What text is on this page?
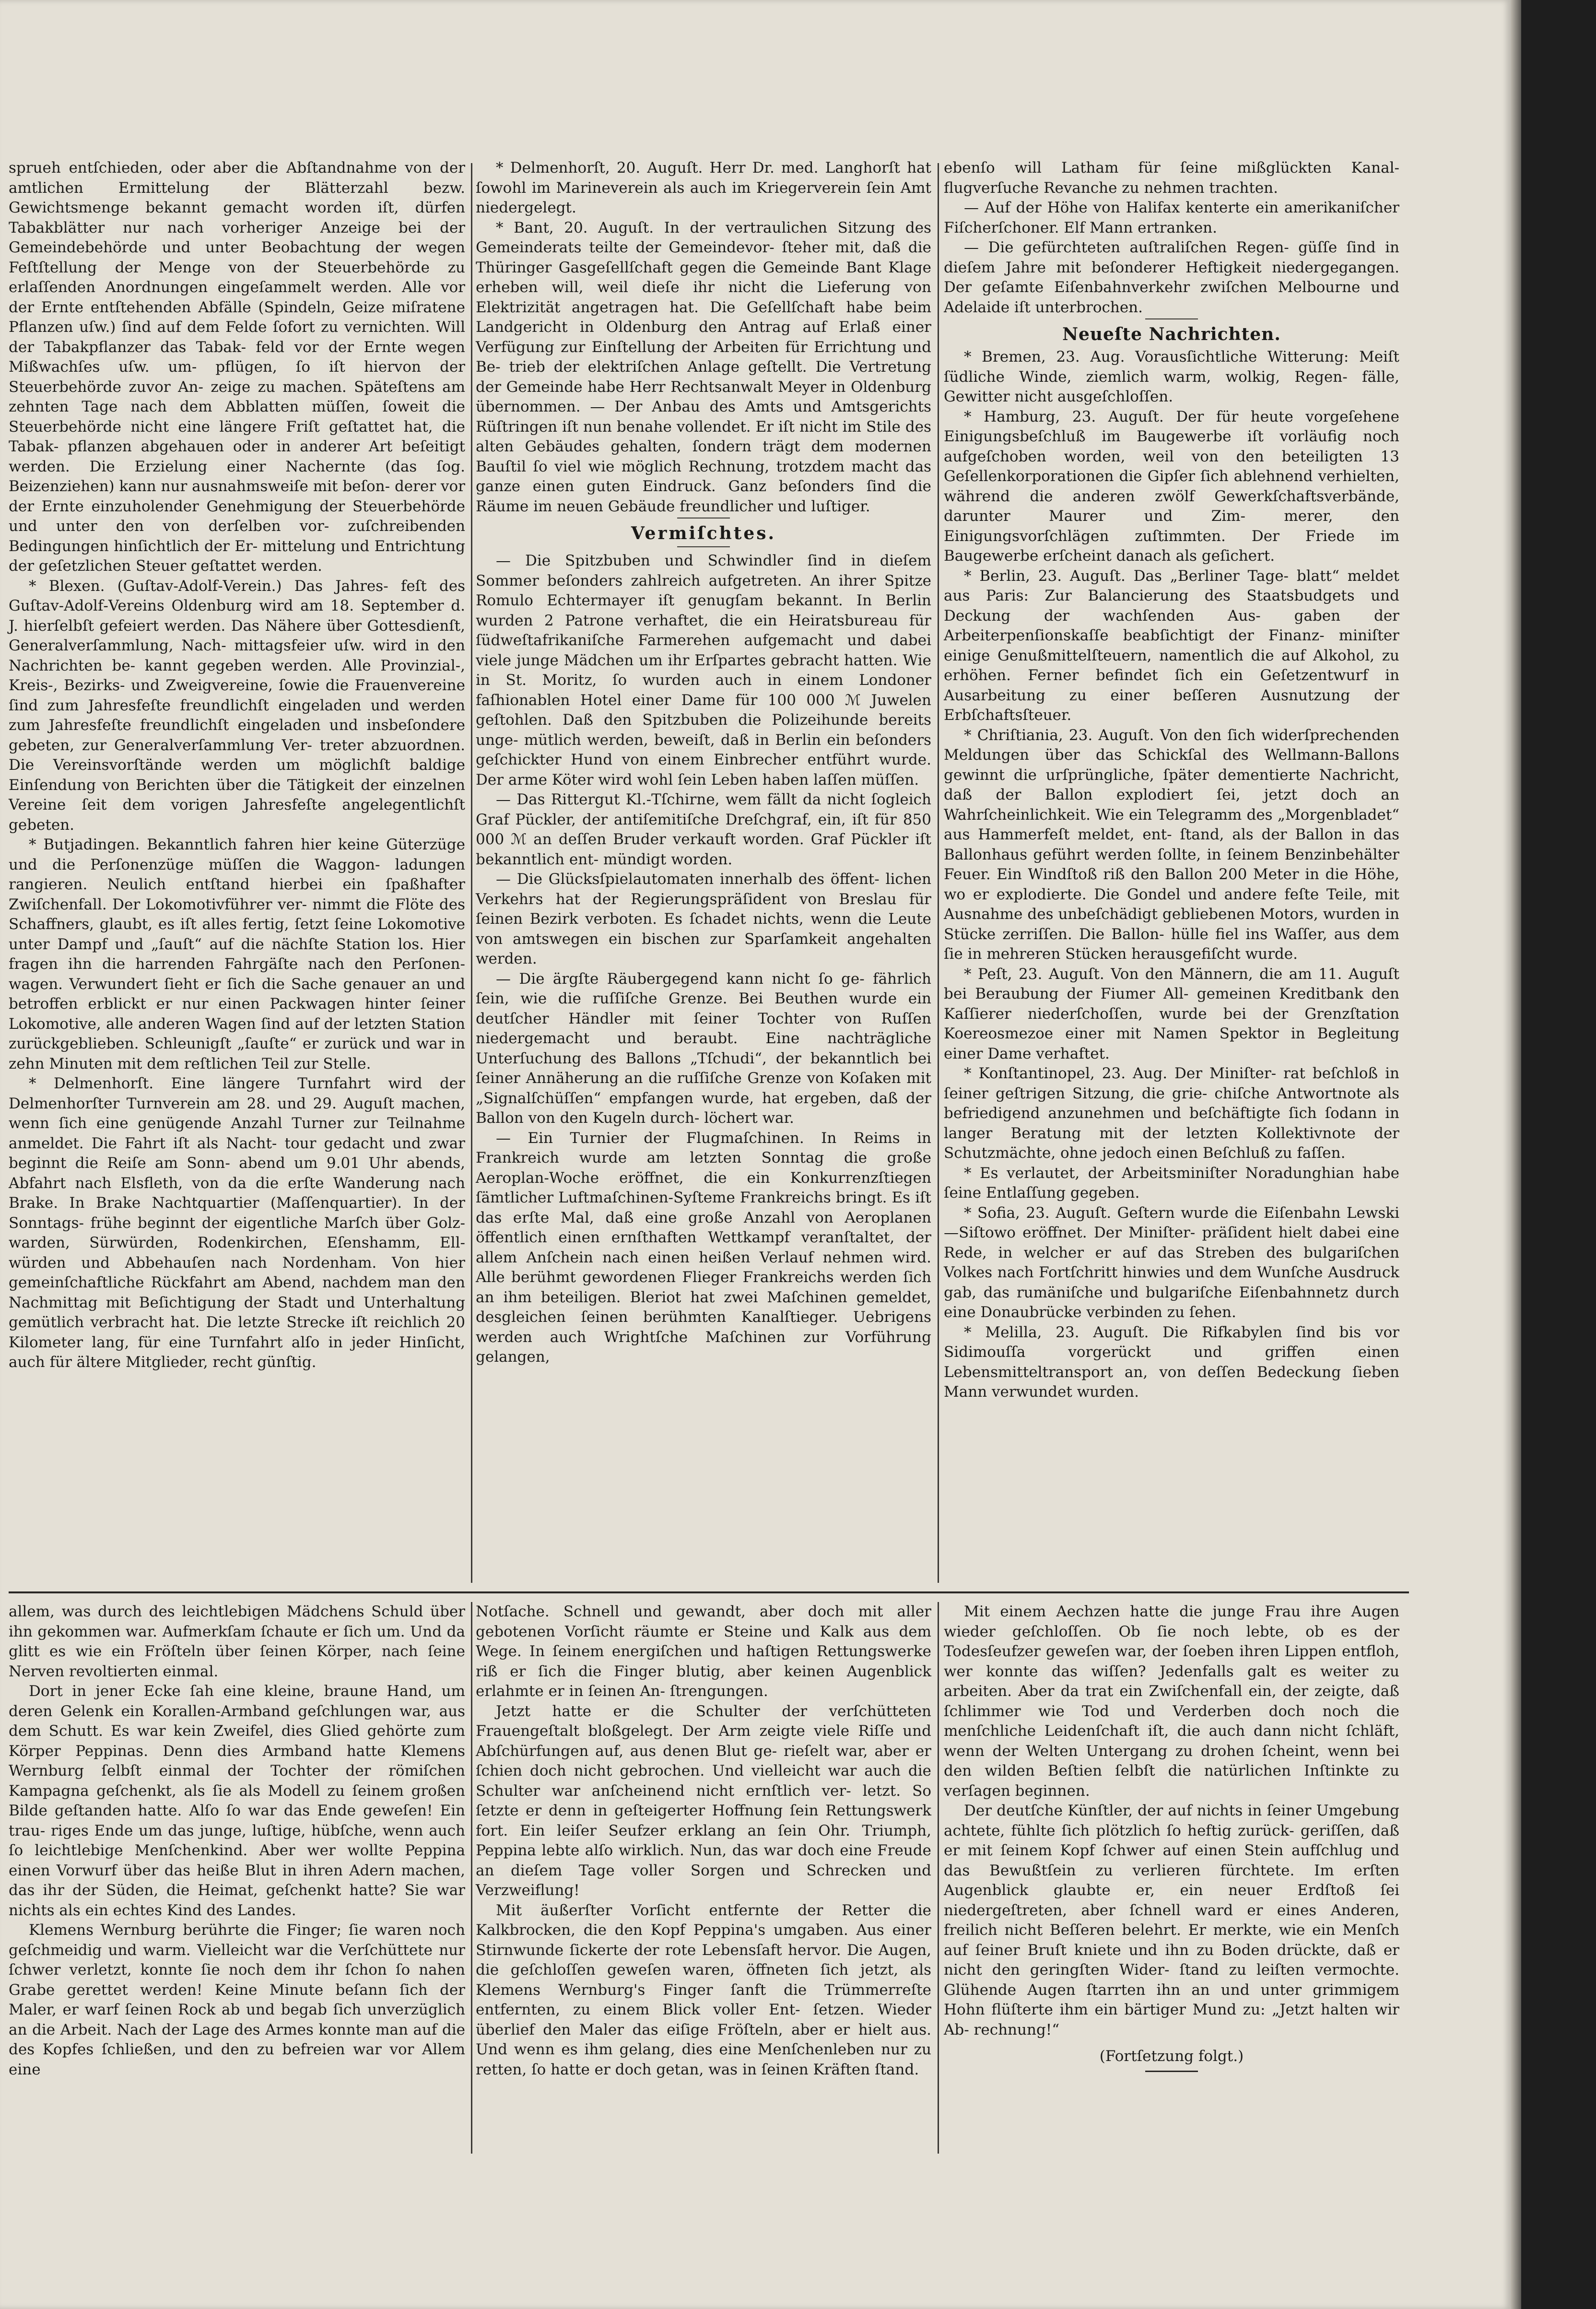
sprueh entſchieden, oder aber die Abſtandnahme von der amtlichen Ermittelung der Blätterzahl bezw. Gewichtsmenge bekannt gemacht worden iſt, dürfen Tabakblätter nur nach vorheriger Anzeige bei der Gemeindebehörde und unter Beobachtung der wegen Feſtſtellung der Menge von der Steuerbehörde zu erlaſſenden Anordnungen eingeſammelt werden. Alle vor der Ernte entſtehenden Abfälle (Spindeln, Geize miſratene Pflanzen uſw.) ſind auf dem Felde ſofort zu vernichten. Will der Tabakpflanzer das Tabak‑ feld vor der Ernte wegen Mißwachſes uſw. um‑ pflügen, ſo iſt hiervon der Steuerbehörde zuvor An‑ zeige zu machen. Späteſtens am zehnten Tage nach dem Abblatten müſſen, ſoweit die Steuerbehörde nicht eine längere Friſt geſtattet hat, die Tabak‑ pflanzen abgehauen oder in anderer Art beſeitigt werden. Die Erzielung einer Nachernte (das ſog. Beizenziehen) kann nur ausnahmsweiſe mit beſon‑ derer vor der Ernte einzuholender Genehmigung der Steuerbehörde und unter den von derſelben vor‑ zuſchreibenden Bedingungen hinſichtlich der Er‑ mittelung und Entrichtung der geſetzlichen Steuer geſtattet werden.

* Blexen. (Guſtav‑Adolf‑Verein.) Das Jahres‑ feſt des Guſtav‑Adolf‑Vereins Oldenburg wird am 18. September d. J. hierſelbſt gefeiert werden. Das Nähere über Gottesdienſt, Generalverſammlung, Nach‑ mittagsfeier uſw. wird in den Nachrichten be‑ kannt gegeben werden. Alle Provinzial‑, Kreis‑, Bezirks‑ und Zweigvereine, ſowie die Frauenvereine ſind zum Jahresfeſte freundlichſt eingeladen und werden zum Jahresfeſte freundlichſt eingeladen und insbeſondere gebeten, zur Generalverſammlung Ver‑ treter abzuordnen. Die Vereinsvorſtände werden um möglichſt baldige Einſendung von Berichten über die Tätigkeit der einzelnen Vereine ſeit dem vorigen Jahresfeſte angelegentlichſt gebeten.

* Butjadingen. Bekanntlich fahren hier keine Güterzüge und die Perſonenzüge müſſen die Waggon‑ ladungen rangieren. Neulich entſtand hierbei ein ſpaßhafter Zwiſchenfall. Der Lokomotivführer ver‑ nimmt die Flöte des Schaffners, glaubt, es iſt alles fertig, ſetzt ſeine Lokomotive unter Dampf und „ſauſt“ auf die nächſte Station los. Hier fragen ihn die harrenden Fahrgäſte nach den Perſonen‑ wagen. Verwundert ſieht er ſich die Sache genauer an und betroffen erblickt er nur einen Packwagen hinter ſeiner Lokomotive, alle anderen Wagen ſind auf der letzten Station zurückgeblieben. Schleunigſt „ſauſte“ er zurück und war in zehn Minuten mit dem reſtlichen Teil zur Stelle.

* Delmenhorſt. Eine längere Turnfahrt wird der Delmenhorſter Turnverein am 28. und 29. Auguſt machen, wenn ſich eine genügende Anzahl Turner zur Teilnahme anmeldet. Die Fahrt iſt als Nacht‑ tour gedacht und zwar beginnt die Reiſe am Sonn‑ abend um 9.01 Uhr abends, Abfahrt nach Elsfleth, von da die erſte Wanderung nach Brake. In Brake Nachtquartier (Maſſenquartier). In der Sonntags‑ frühe beginnt der eigentliche Marſch über Golz‑ warden, Sürwürden, Rodenkirchen, Eſenshamm, Ell‑ würden und Abbehauſen nach Nordenham. Von hier gemeinſchaftliche Rückfahrt am Abend, nachdem man den Nachmittag mit Beſichtigung der Stadt und Unterhaltung gemütlich verbracht hat. Die letzte Strecke iſt reichlich 20 Kilometer lang, für eine Turnfahrt alſo in jeder Hinſicht, auch für ältere Mitglieder, recht günſtig.

* Delmenhorſt, 20. Auguſt. Herr Dr. med. Langhorſt hat ſowohl im Marineverein als auch im Kriegerverein ſein Amt niedergelegt.

* Bant, 20. Auguſt. In der vertraulichen Sitzung des Gemeinderats teilte der Gemeindevor‑ ſteher mit, daß die Thüringer Gasgeſellſchaft gegen die Gemeinde Bant Klage erheben will, weil dieſe ihr nicht die Lieferung von Elektrizität angetragen hat. Die Geſellſchaft habe beim Landgericht in Oldenburg den Antrag auf Erlaß einer Verfügung zur Einſtellung der Arbeiten für Errichtung und Be‑ trieb der elektriſchen Anlage geſtellt. Die Vertretung der Gemeinde habe Herr Rechtsanwalt Meyer in Oldenburg übernommen. — Der Anbau des Amts und Amtsgerichts Rüſtringen iſt nun benahe vollendet. Er iſt nicht im Stile des alten Gebäudes gehalten, ſondern trägt dem modernen Bauſtil ſo viel wie möglich Rechnung, trotzdem macht das ganze einen guten Eindruck. Ganz beſonders ſind die Räume im neuen Gebäude freundlicher und luſtiger.

Vermiſchtes.

— Die Spitzbuben und Schwindler ſind in dieſem Sommer beſonders zahlreich aufgetreten. An ihrer Spitze Romulo Echtermayer iſt genugſam bekannt. In Berlin wurden 2 Patrone verhaftet, die ein Heiratsbureau für ſüdweſtafrikaniſche Farmerehen aufgemacht und dabei viele junge Mädchen um ihr Erſpartes gebracht hatten. Wie in St. Moritz, ſo wurden auch in einem Londoner faſhionablen Hotel einer Dame für 100 000 ℳ Juwelen geſtohlen. Daß den Spitzbuben die Polizeihunde bereits unge‑ mütlich werden, beweiſt, daß in Berlin ein beſonders geſchickter Hund von einem Einbrecher entführt wurde. Der arme Köter wird wohl ſein Leben haben laſſen müſſen.

— Das Rittergut Kl.‑Tſchirne, wem fällt da nicht ſogleich Graf Pückler, der antiſemitiſche Dreſchgraf, ein, iſt für 850 000 ℳ an deſſen Bruder verkauft worden. Graf Pückler iſt bekanntlich ent‑ mündigt worden.

— Die Glücksſpielautomaten innerhalb des öffent‑ lichen Verkehrs hat der Regierungspräſident von Breslau für ſeinen Bezirk verboten. Es ſchadet nichts, wenn die Leute von amtswegen ein bischen zur Sparſamkeit angehalten werden.

— Die ärgſte Räubergegend kann nicht ſo ge‑ fährlich ſein, wie die ruſſiſche Grenze. Bei Beuthen wurde ein deutſcher Händler mit ſeiner Tochter von Ruſſen niedergemacht und beraubt. Eine nachträgliche Unterſuchung des Ballons „Tſchudi“, der bekanntlich bei ſeiner Annäherung an die ruſſiſche Grenze von Koſaken mit „Signalſchüſſen“ empfangen wurde, hat ergeben, daß der Ballon von den Kugeln durch‑ löchert war.

— Ein Turnier der Flugmaſchinen. In Reims in Frankreich wurde am letzten Sonntag die große Aeroplan‑Woche eröffnet, die ein Konkurrenzſtiegen ſämtlicher Luftmaſchinen‑Syſteme Frankreichs bringt. Es iſt das erſte Mal, daß eine große Anzahl von Aeroplanen öffentlich einen ernſthaften Wettkampf veranſtaltet, der allem Anſchein nach einen heißen Verlauf nehmen wird. Alle berühmt gewordenen Flieger Frankreichs werden ſich an ihm beteiligen. Bleriot hat zwei Maſchinen gemeldet, desgleichen ſeinen berühmten Kanalſtieger. Uebrigens werden auch Wrightſche Maſchinen zur Vorführung gelangen,

ebenſo will Latham für ſeine mißglückten Kanal‑ flugverſuche Revanche zu nehmen trachten.

— Auf der Höhe von Halifax kenterte ein amerikaniſcher Fiſcherſchoner. Elf Mann ertranken.

— Die gefürchteten auſtraliſchen Regen‑ güſſe ſind in dieſem Jahre mit beſonderer Heftigkeit niedergegangen. Der geſamte Eiſenbahnverkehr zwiſchen Melbourne und Adelaide iſt unterbrochen.

Neueſte Nachrichten.

* Bremen, 23. Aug. Vorausſichtliche Witterung: Meiſt ſüdliche Winde, ziemlich warm, wolkig, Regen‑ fälle, Gewitter nicht ausgeſchloſſen.

* Hamburg, 23. Auguſt. Der für heute vorgeſehene Einigungsbeſchluß im Baugewerbe iſt vorläufig noch aufgeſchoben worden, weil von den beteiligten 13 Geſellenkorporationen die Gipſer ſich ablehnend verhielten, während die anderen zwölf Gewerkſchaftsverbände, darunter Maurer und Zim‑ merer, den Einigungsvorſchlägen zuſtimmten. Der Friede im Baugewerbe erſcheint danach als geſichert.

* Berlin, 23. Auguſt. Das „Berliner Tage‑ blatt“ meldet aus Paris: Zur Balancierung des Staatsbudgets und Deckung der wachſenden Aus‑ gaben der Arbeiterpenſionskaſſe beabſichtigt der Finanz‑ miniſter einige Genußmittelſteuern, namentlich die auf Alkohol, zu erhöhen. Ferner befindet ſich ein Geſetzentwurf in Ausarbeitung zu einer beſſeren Ausnutzung der Erbſchaftsſteuer.

* Chriſtiania, 23. Auguſt. Von den ſich widerſprechenden Meldungen über das Schickſal des Wellmann‑Ballons gewinnt die urſprüngliche, ſpäter dementierte Nachricht, daß der Ballon explodiert ſei, jetzt doch an Wahrſcheinlichkeit. Wie ein Telegramm des „Morgenbladet“ aus Hammerfeſt meldet, ent‑ ſtand, als der Ballon in das Ballonhaus geführt werden ſollte, in ſeinem Benzinbehälter Feuer. Ein Windſtoß riß den Ballon 200 Meter in die Höhe, wo er explodierte. Die Gondel und andere feſte Teile, mit Ausnahme des unbeſchädigt gebliebenen Motors, wurden in Stücke zerriſſen. Die Ballon‑ hülle fiel ins Waſſer, aus dem ſie in mehreren Stücken herausgefiſcht wurde.

* Peſt, 23. Auguſt. Von den Männern, die am 11. Auguſt bei Beraubung der Fiumer All‑ gemeinen Kreditbank den Kaſſierer niederſchoſſen, wurde bei der Grenzſtation Koereosmezoe einer mit Namen Spektor in Begleitung einer Dame verhaftet.

* Konſtantinopel, 23. Aug. Der Miniſter‑ rat beſchloß in ſeiner geſtrigen Sitzung, die grie‑ chiſche Antwortnote als befriedigend anzunehmen und beſchäftigte ſich ſodann in langer Beratung mit der letzten Kollektivnote der Schutzmächte, ohne jedoch einen Beſchluß zu faſſen.

* Es verlautet, der Arbeitsminiſter Noradunghian habe ſeine Entlaſſung gegeben.

* Sofia, 23. Auguſt. Geſtern wurde die Eiſenbahn Lewski—Siſtowo eröffnet. Der Miniſter‑ präſident hielt dabei eine Rede, in welcher er auf das Streben des bulgariſchen Volkes nach Fortſchritt hinwies und dem Wunſche Ausdruck gab, das rumäniſche und bulgariſche Eiſenbahnnetz durch eine Donaubrücke verbinden zu ſehen.

* Melilla, 23. Auguſt. Die Rifkabylen ſind bis vor Sidimouſſa vorgerückt und griffen einen Lebensmitteltransport an, von deſſen Bedeckung ſieben Mann verwundet wurden.

allem, was durch des leichtlebigen Mädchens Schuld über ihn gekommen war. Aufmerkſam ſchaute er ſich um. Und da glitt es wie ein Fröſteln über ſeinen Körper, nach ſeine Nerven revoltierten einmal.

Dort in jener Ecke ſah eine kleine, braune Hand, um deren Gelenk ein Korallen‑Armband geſchlungen war, aus dem Schutt. Es war kein Zweifel, dies Glied gehörte zum Körper Peppinas. Denn dies Armband hatte Klemens Wernburg ſelbſt einmal der Tochter der römiſchen Kampagna geſchenkt, als ſie als Modell zu ſeinem großen Bilde geſtanden hatte. Alſo ſo war das Ende geweſen! Ein trau‑ riges Ende um das junge, luſtige, hübſche, wenn auch ſo leichtlebige Menſchenkind. Aber wer wollte Peppina einen Vorwurf über das heiße Blut in ihren Adern machen, das ihr der Süden, die Heimat, geſchenkt hatte? Sie war nichts als ein echtes Kind des Landes.

Klemens Wernburg berührte die Finger; ſie waren noch geſchmeidig und warm. Vielleicht war die Verſchüttete nur ſchwer verletzt, konnte ſie noch dem ihr ſchon ſo nahen Grabe gerettet werden! Keine Minute beſann ſich der Maler, er warf ſeinen Rock ab und begab ſich unverzüglich an die Arbeit. Nach der Lage des Armes konnte man auf die des Kopfes ſchließen, und den zu befreien war vor Allem eine

Notſache. Schnell und gewandt, aber doch mit aller gebotenen Vorſicht räumte er Steine und Kalk aus dem Wege. In ſeinem energiſchen und haſtigen Rettungswerke riß er ſich die Finger blutig, aber keinen Augenblick erlahmte er in ſeinen An‑ ſtrengungen.

Jetzt hatte er die Schulter der verſchütteten Frauengeſtalt bloßgelegt. Der Arm zeigte viele Riſſe und Abſchürfungen auf, aus denen Blut ge‑ rieſelt war, aber er ſchien doch nicht gebrochen. Und vielleicht war auch die Schulter war anſcheinend nicht ernſtlich ver‑ letzt. So ſetzte er denn in geſteigerter Hoffnung ſein Rettungswerk fort. Ein leiſer Seufzer erklang an ſein Ohr. Triumph, Peppina lebte alſo wirklich. Nun, das war doch eine Freude an dieſem Tage voller Sorgen und Schrecken und Verzweiflung!

Mit äußerſter Vorſicht entfernte der Retter die Kalkbrocken, die den Kopf Peppina's umgaben. Aus einer Stirnwunde ſickerte der rote Lebensſaft hervor. Die Augen, die geſchloſſen geweſen waren, öffneten ſich jetzt, als Klemens Wernburg's Finger ſanft die Trümmerreſte entfernten, zu einem Blick voller Ent‑ ſetzen. Wieder überlief den Maler das eiſige Fröſteln, aber er hielt aus. Und wenn es ihm gelang, dies eine Menſchenleben nur zu retten, ſo hatte er doch getan, was in ſeinen Kräften ſtand.

Mit einem Aechzen hatte die junge Frau ihre Augen wieder geſchloſſen. Ob ſie noch lebte, ob es der Todesſeufzer geweſen war, der ſoeben ihren Lippen entfloh, wer konnte das wiſſen? Jedenfalls galt es weiter zu arbeiten. Aber da trat ein Zwiſchenfall ein, der zeigte, daß ſchlimmer wie Tod und Verderben doch noch die menſchliche Leidenſchaft iſt, die auch dann nicht ſchläft, wenn der Welten Untergang zu drohen ſcheint, wenn bei den wilden Beſtien ſelbſt die natürlichen Inſtinkte zu verſagen beginnen.

Der deutſche Künſtler, der auf nichts in ſeiner Umgebung achtete, fühlte ſich plötzlich ſo heftig zurück‑ geriſſen, daß er mit ſeinem Kopf ſchwer auf einen Stein aufſchlug und das Bewußtſein zu verlieren fürchtete. Im erſten Augenblick glaubte er, ein neuer Erdſtoß ſei niedergeſtreten, aber ſchnell ward er eines Anderen, freilich nicht Beſſeren belehrt. Er merkte, wie ein Menſch auf ſeiner Bruſt kniete und ihn zu Boden drückte, daß er nicht den geringſten Wider‑ ſtand zu leiſten vermochte. Glühende Augen ſtarrten ihn an und unter grimmigem Hohn flüſterte ihm ein bärtiger Mund zu: „Jetzt halten wir Ab‑ rechnung!“

(Fortſetzung folgt.)
